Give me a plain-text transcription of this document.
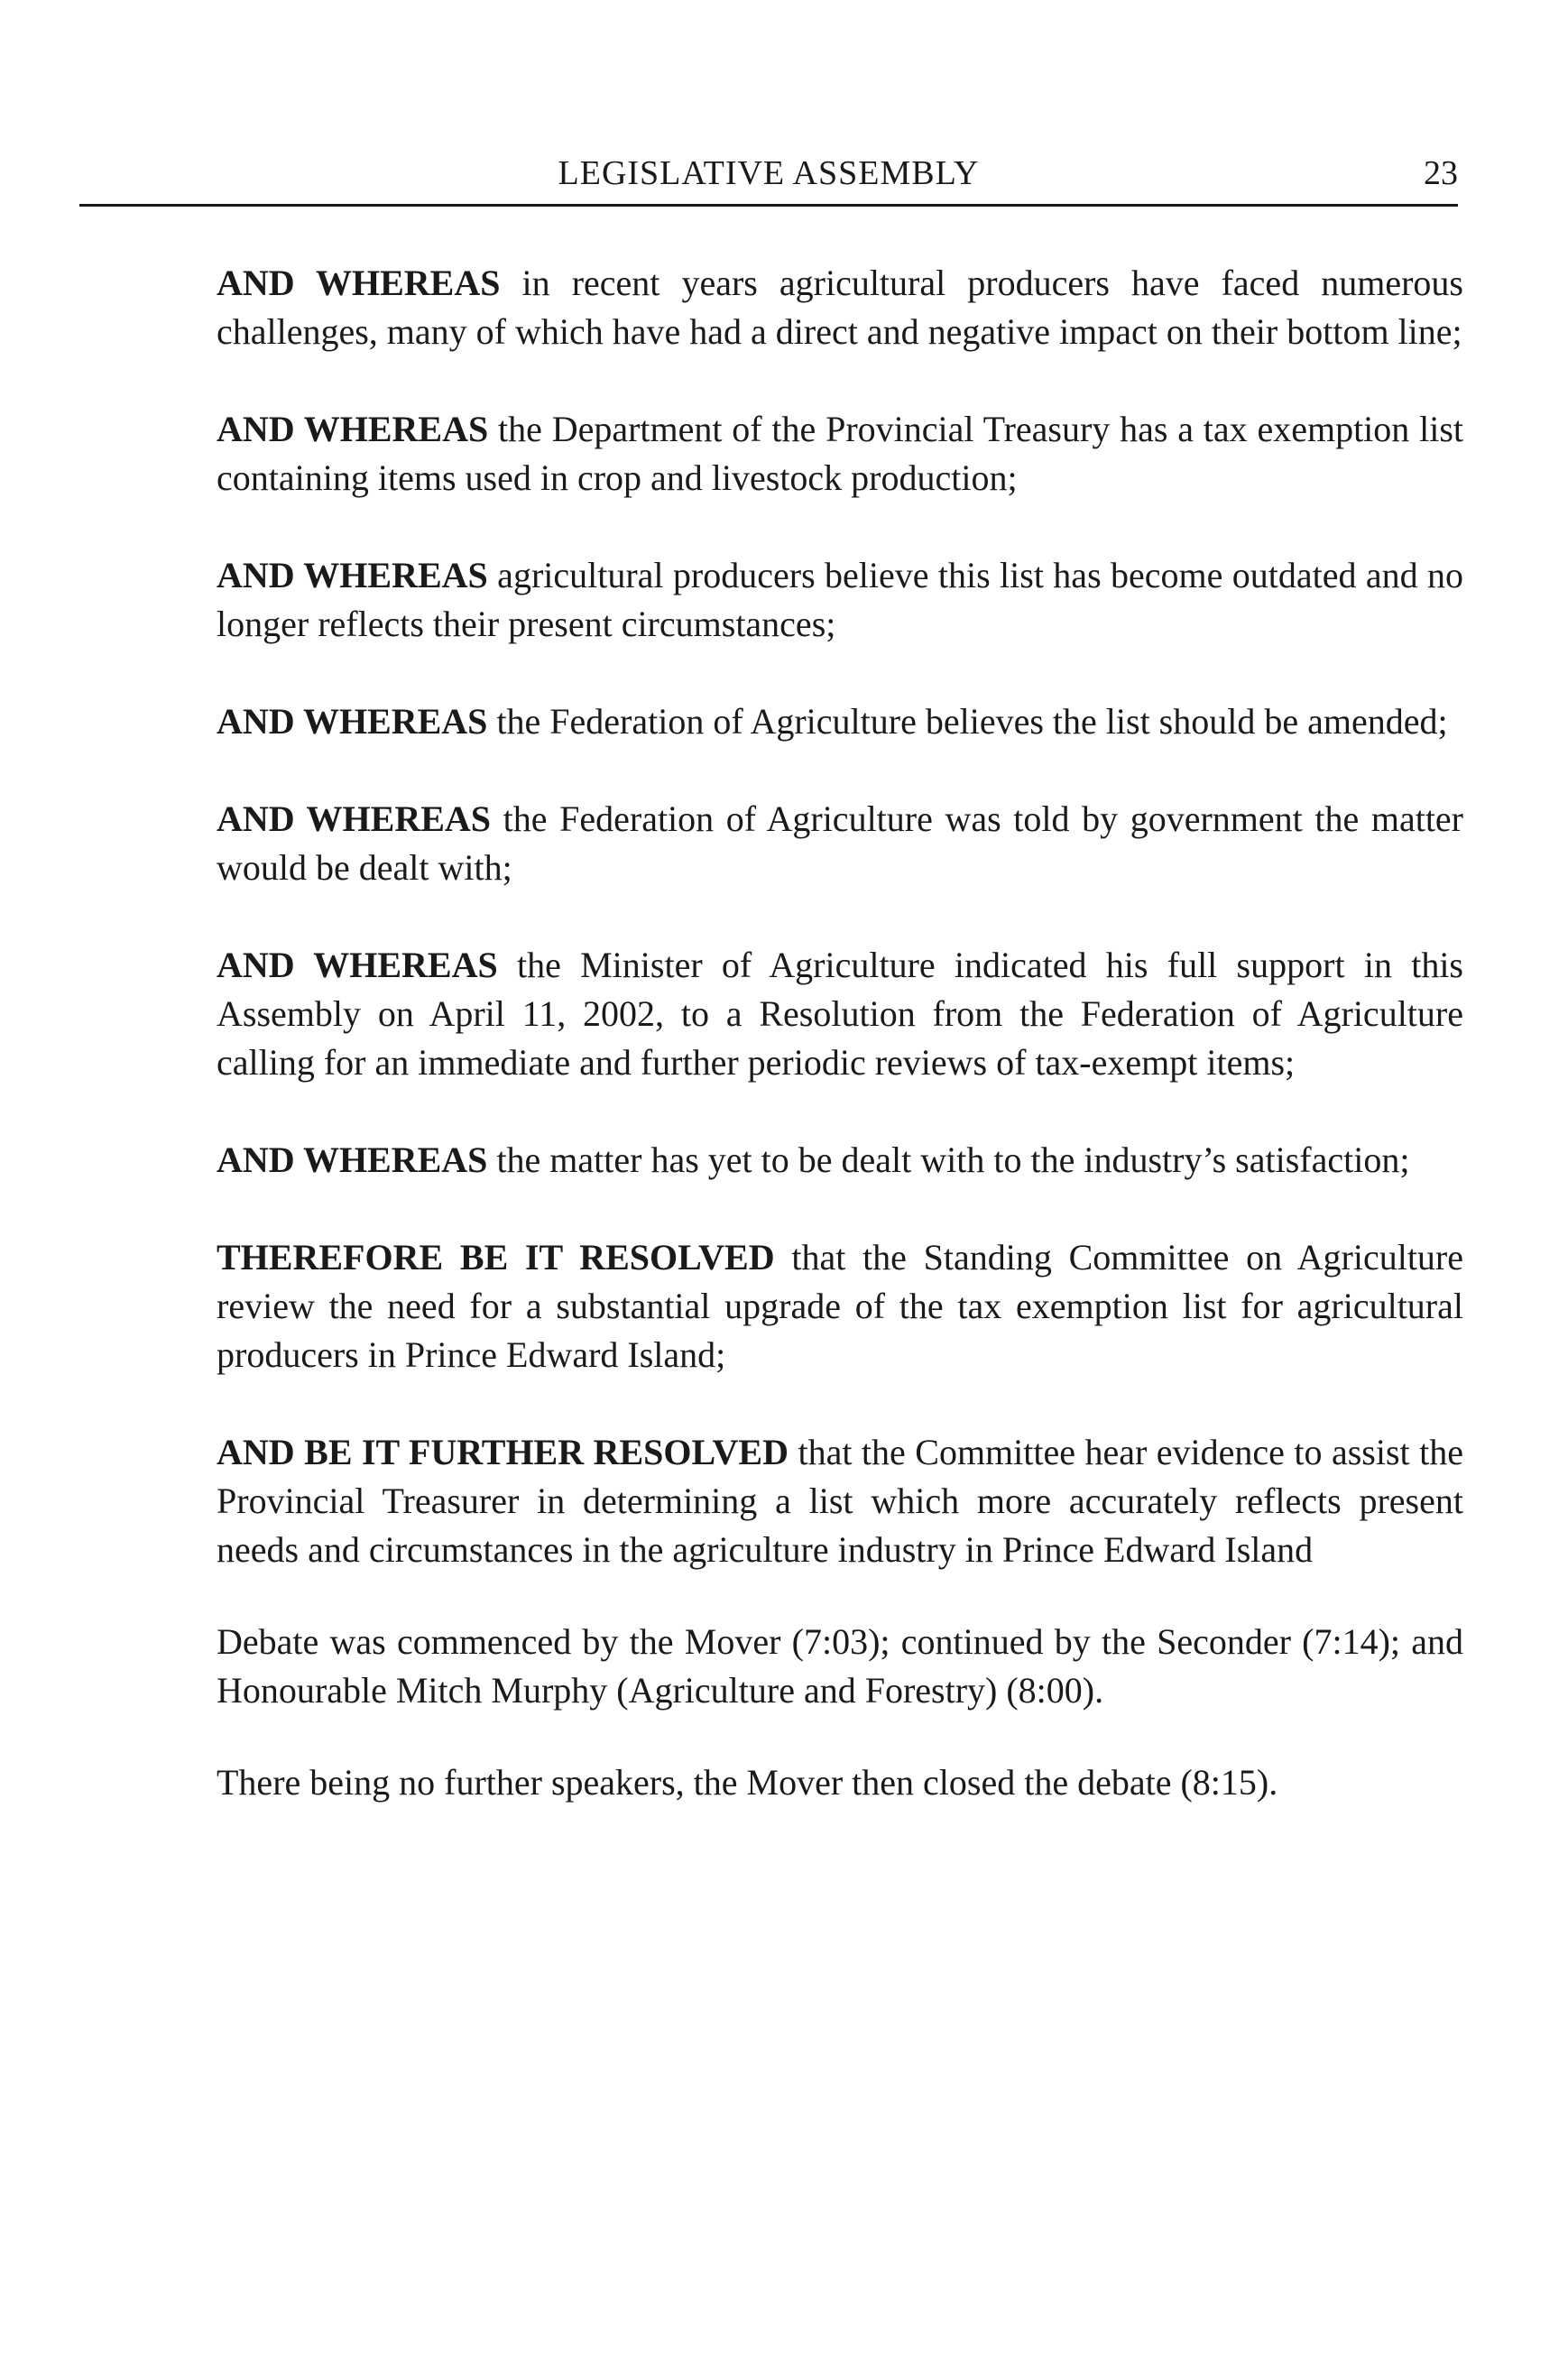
LEGISLATIVE ASSEMBLY	23

AND WHEREAS in recent years agricultural producers have faced numerous challenges, many of which have had a direct and negative impact on their bottom line;

AND WHEREAS the Department of the Provincial Treasury has a tax exemption list containing items used in crop and livestock production;

AND WHEREAS agricultural producers believe this list has become outdated and no longer reflects their present circumstances;

AND WHEREAS the Federation of Agriculture believes the list should be amended;

AND WHEREAS the Federation of Agriculture was told by government the matter would be dealt with;

AND WHEREAS the Minister of Agriculture indicated his full support in this Assembly on April 11, 2002, to a Resolution from the Federation of Agriculture calling for an immediate and further periodic reviews of tax-exempt items;

AND WHEREAS the matter has yet to be dealt with to the industry’s satisfaction;

THEREFORE BE IT RESOLVED that the Standing Committee on Agriculture review the need for a substantial upgrade of the tax exemption list for agricultural producers in Prince Edward Island;

AND BE IT FURTHER RESOLVED that the Committee hear evidence to assist the Provincial Treasurer in determining a list which more accurately reflects present needs and circumstances in the agriculture industry in Prince Edward Island

Debate was commenced by the Mover (7:03); continued by the Seconder (7:14); and Honourable Mitch Murphy (Agriculture and Forestry) (8:00).

There being no further speakers, the Mover then closed the debate (8:15).
